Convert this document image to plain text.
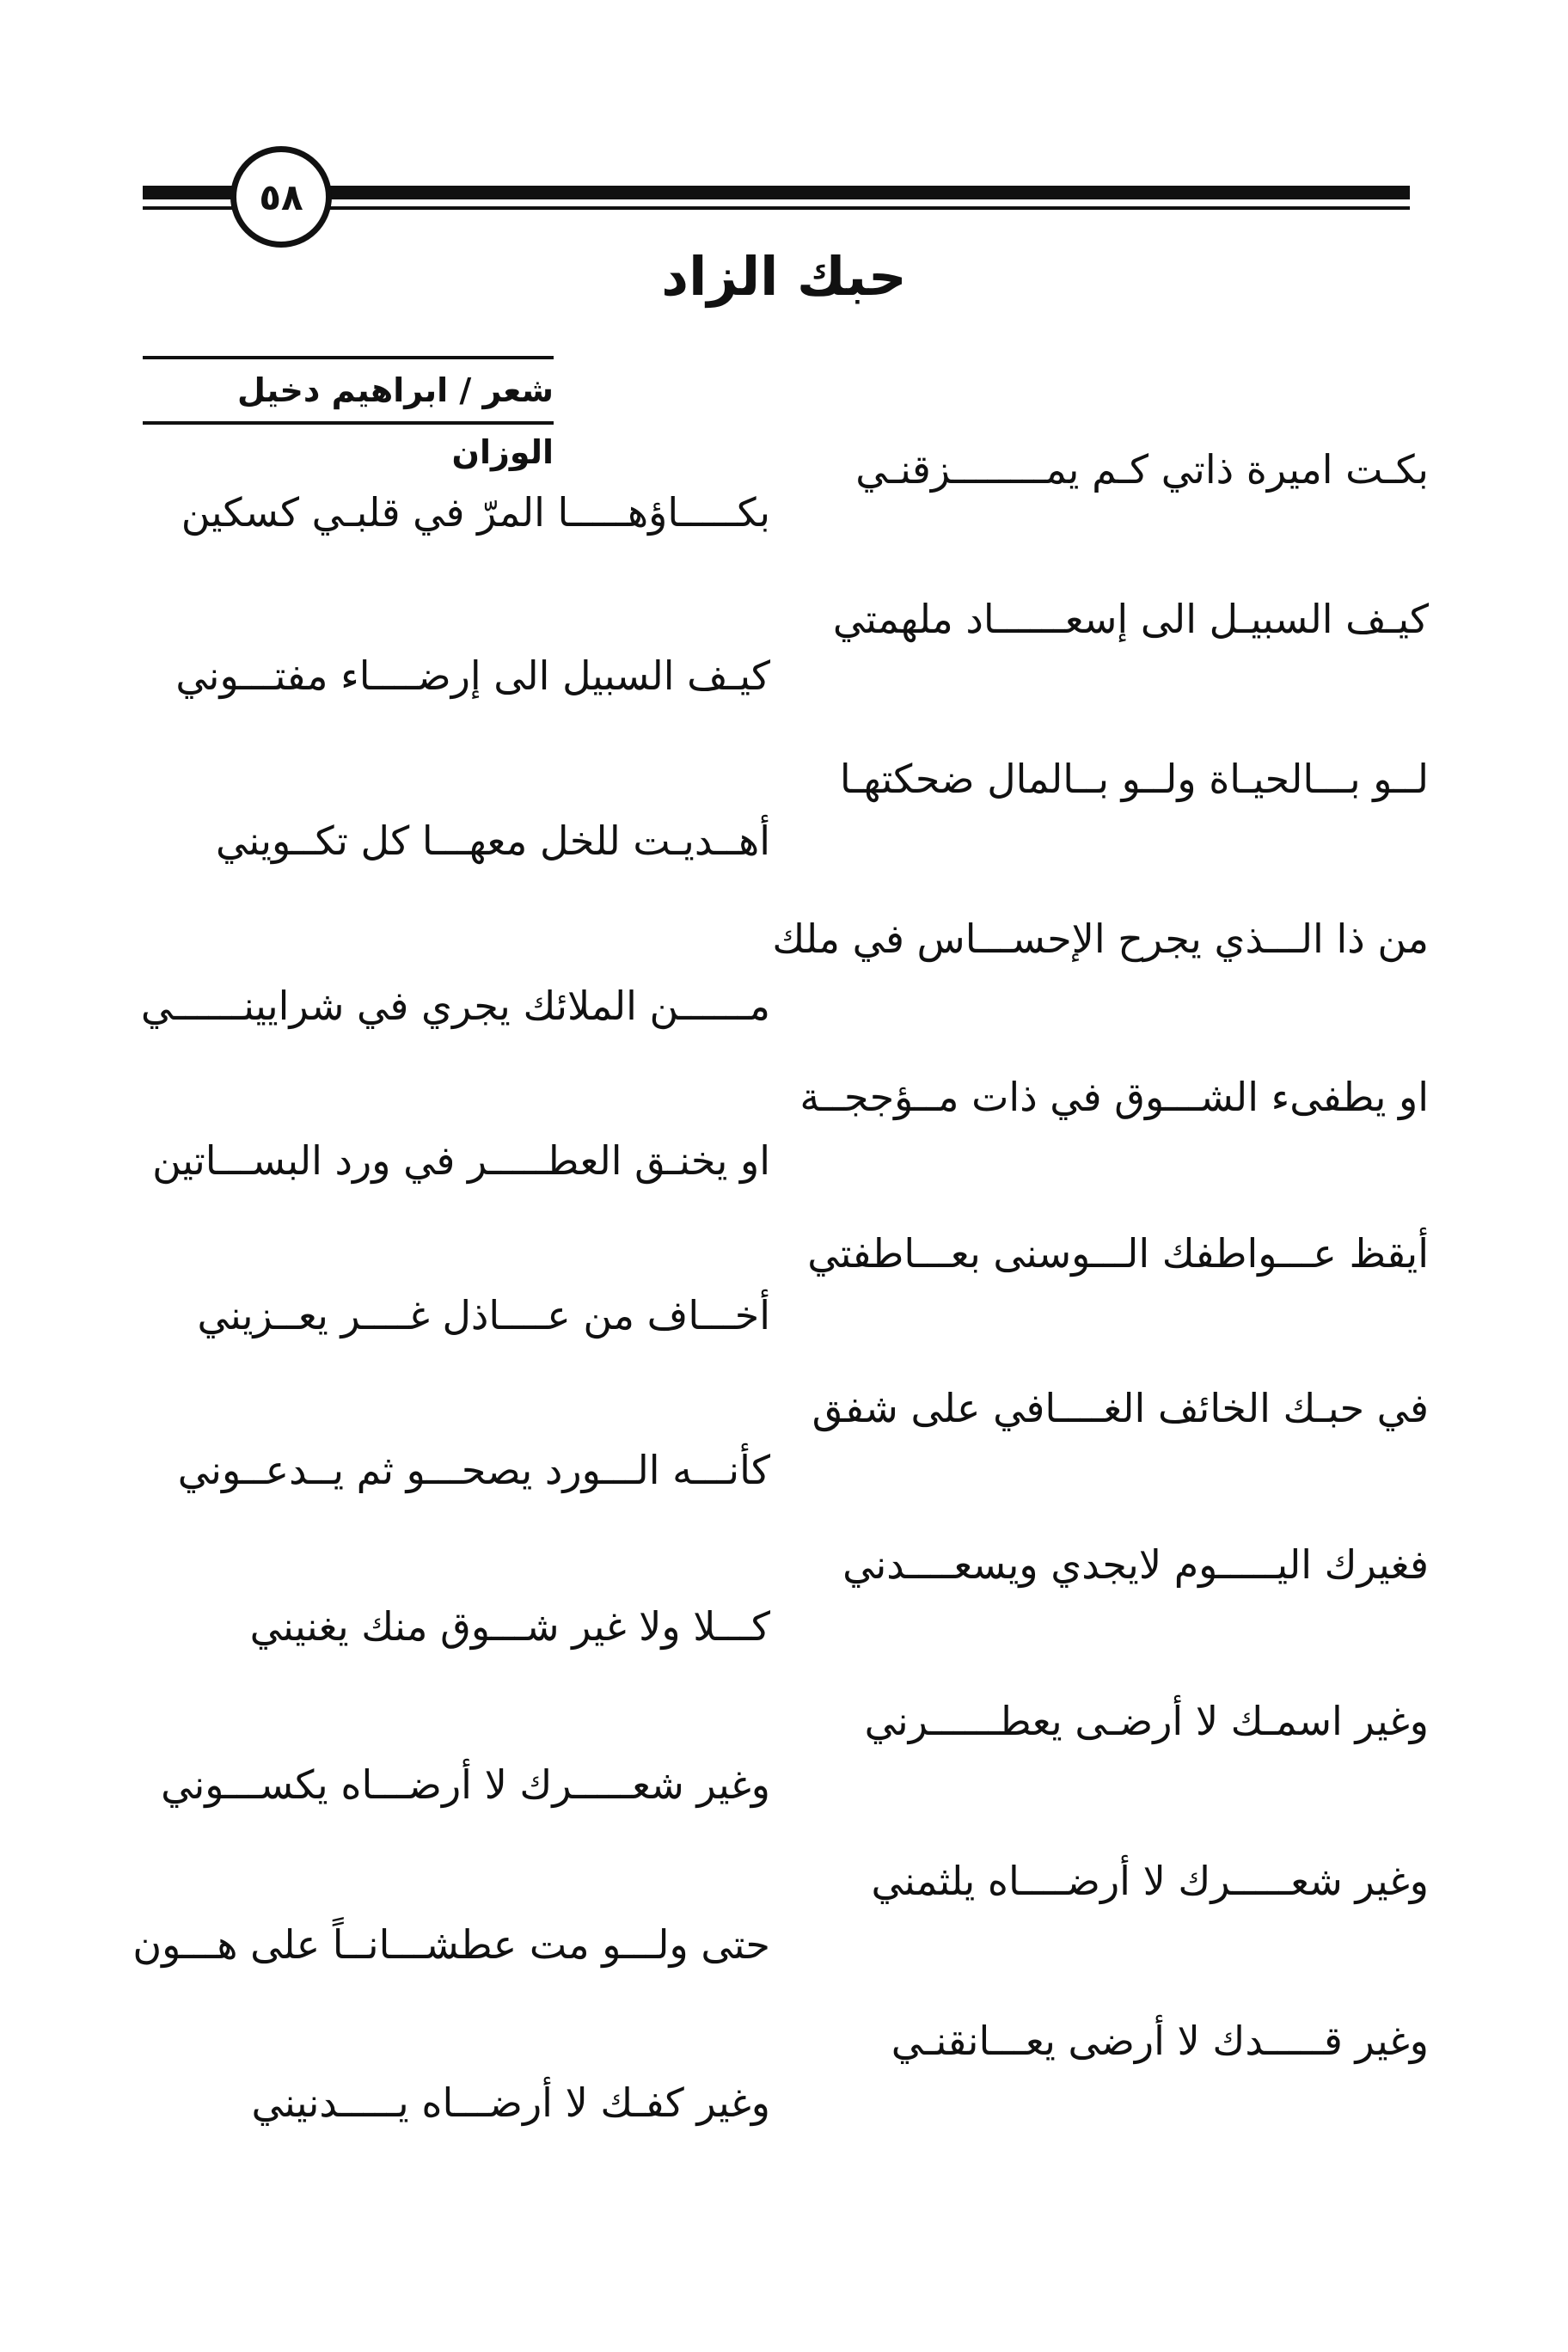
٥٨
حبك الزاد
شعر / ابراهيم دخيل الوزان	بكـت اميرة ذاتي كـم يمــــــــزقنـي
بكـــــاؤهـــــا المرّ في قلبـي كسكين
كيـف السبيـل الى إسعــــــاد ملهمتي
كيـف السبيل الى إرضــــاء مفتـــوني
لــو بـــالحيـاة ولــو بــالمال ضحكتهـا
أهــديـت للخل معهـــا كل تكــويني
من ذا الـــذي يجرح الإحســـاس في ملك
مــــــن الملائك يجري في شرايينــــــي
او يطفىء الشـــوق في ذات مــؤججــة
او يخنـق العطـــــر في ورد البســـاتين
أيقظ عـــواطفك الـــوسنى بعـــاطفتي
أخـــاف من عــــاذل غــــر يعــزيني
في حبـك الخائف الغــــافي على شفق
كأنـــه الـــورد يصحـــو ثم يــدعــوني
فغيرك اليـــــوم لايجدي ويسعــــدني
كـــلا ولا غير شـــوق منك يغنيني
وغير اسمـك لا أرضـى يعطــــــرني
وغير شعـــــرك لا أرضـــاه يكســـوني
وغير شعـــــرك لا أرضــــاه يلثمني
حتى ولـــو مت عطشـــانــاً على هـــون
وغير قـــــدك لا أرضى يعـــانقنـي
وغير كفـك لا أرضـــاه يـــــدنيني
